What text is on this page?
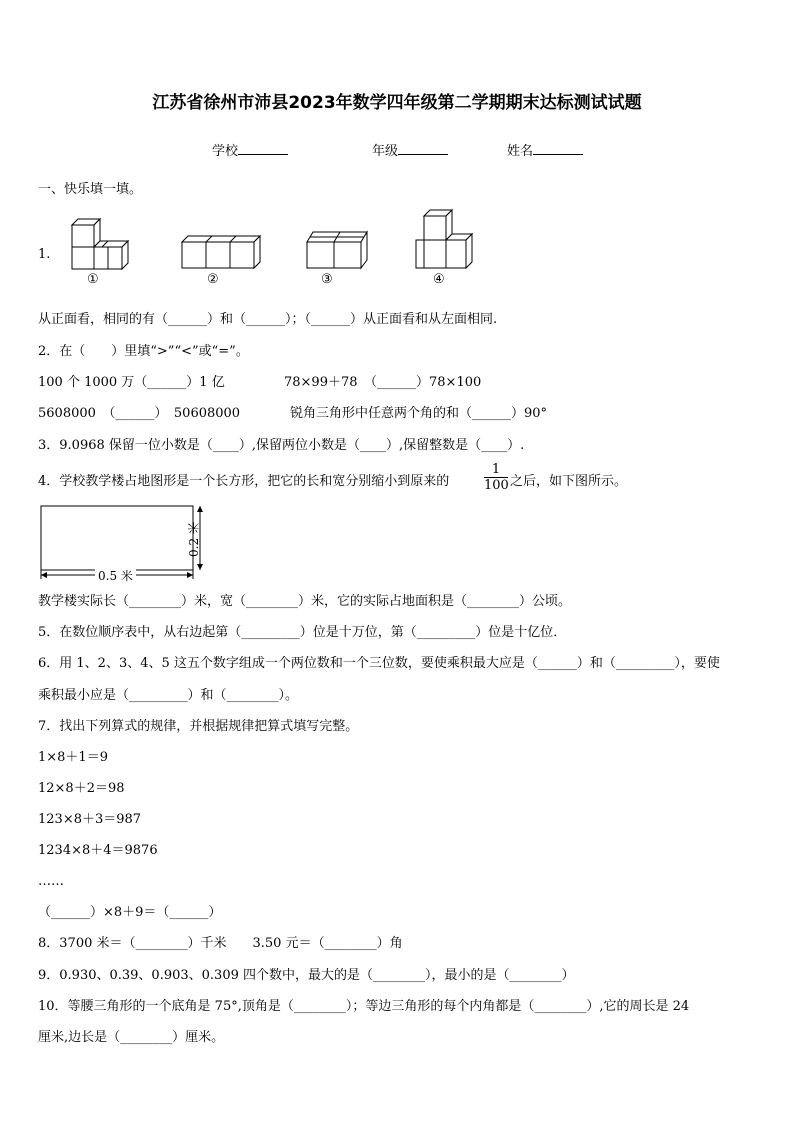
江苏省徐州市沛县2023年数学四年级第二学期期末达标测试试题
学校	年级	姓名
一、快乐填一填。
1.
①	②	③	④
从正面看，相同的有（______）和（______）；（______）从正面看和从左面相同.
2．在（　　）里填“>”“<”或“=”。
100 个 1000 万（______）1 亿	78×99＋78　（______）78×100
5608000　（______）　50608000	锐角三角形中任意两个角的和（______）90°
3．9.0968 保留一位小数是（____）,保留两位小数是（____）,保留整数是（____）.
4．学校教学楼占地图形是一个长方形，把它的长和宽分别缩小到原来的	$\frac{1}{100}$ 之后，如下图所示。
0.2 米
0.5 米
教学楼实际长（________）米，宽（________）米，它的实际占地面积是（________）公顷。
5．在数位顺序表中，从右边起第（_________）位是十万位，第（_________）位是十亿位．
6．用 1、2、3、4、5 这五个数字组成一个两位数和一个三位数，要使乘积最大应是（______）和（_________），要使
乘积最小应是（_________）和（________）。
7．找出下列算式的规律，并根据规律把算式填写完整。
1×8＋1＝9
12×8＋2＝98
123×8＋3＝987
1234×8＋4＝9876
……
（______）×8＋9＝（______）
8．3700 米＝（________）千米　　3.50 元＝（________）角
9．0.930、0.39、0.903、0.309 四个数中，最大的是（________），最小的是（________）
10．等腰三角形的一个底角是 75°,顶角是（________）；等边三角形的每个内角都是（________）,它的周长是 24
厘米,边长是（________）厘米。
